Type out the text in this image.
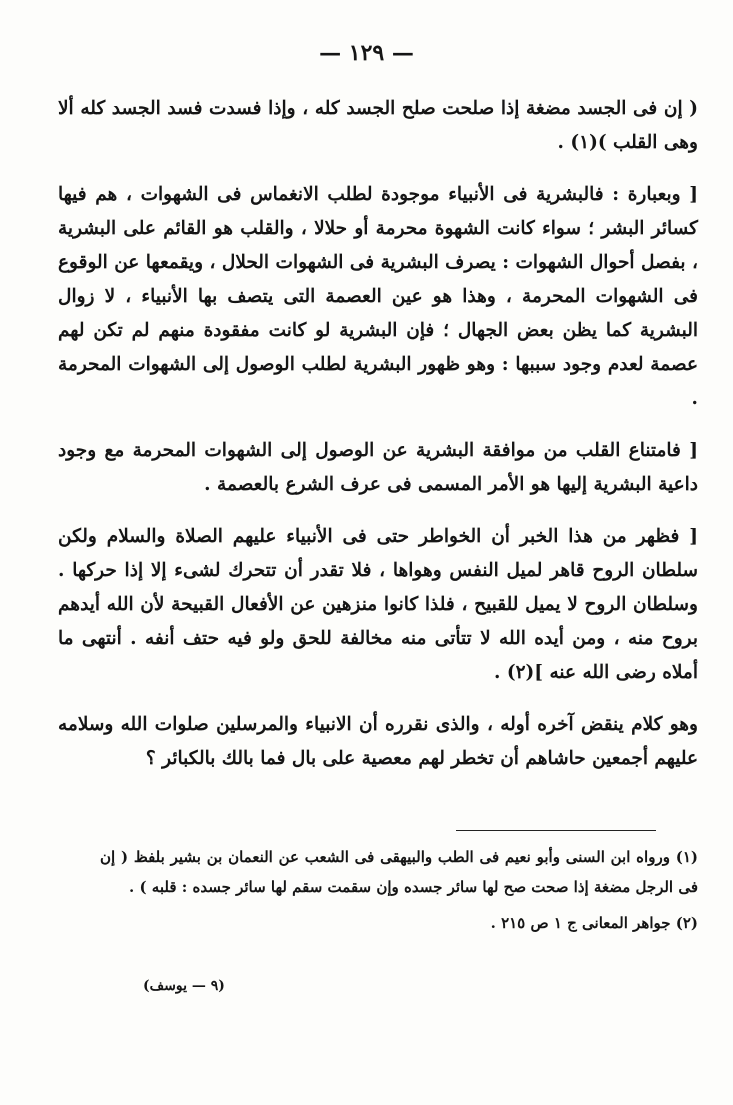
— ١٢٩ —

( إن فى الجسد مضغة إذا صلحت صلح الجسد كله ، وإذا فسدت فسد الجسد كله ألا وهى القلب )(١) .

[ وبعبارة : فالبشرية فى الأنبياء موجودة لطلب الانغماس فى الشهوات ، هم فيها كسائر البشر ؛ سواء كانت الشهوة محرمة أو حلالا ، والقلب هو القائم على البشرية ، بفصل أحوال الشهوات : يصرف البشرية فى الشهوات الحلال ، ويقمعها عن الوقوع فى الشهوات المحرمة ، وهذا هو عين العصمة التى يتصف بها الأنبياء ، لا زوال البشرية كما يظن بعض الجهال ؛ فإن البشرية لو كانت مفقودة منهم لم تكن لهم عصمة لعدم وجود سببها : وهو ظهور البشرية لطلب الوصول إلى الشهوات المحرمة .

[ فامتناع القلب من موافقة البشرية عن الوصول إلى الشهوات المحرمة مع وجود داعية البشرية إليها هو الأمر المسمى فى عرف الشرع بالعصمة .

[ فظهر من هذا الخبر أن الخواطر حتى فى الأنبياء عليهم الصلاة والسلام ولكن سلطان الروح قاهر لميل النفس وهواها ، فلا تقدر أن تتحرك لشىء إلا إذا حركها . وسلطان الروح لا يميل للقبيح ، فلذا كانوا منزهين عن الأفعال القبيحة لأن الله أيدهم بروح منه ، ومن أيده الله لا تتأتى منه مخالفة للحق ولو فيه حتف أنفه . أنتهى ما أملاه رضى الله عنه ](٢) .

وهو كلام ينقض آخره أوله ، والذى نقرره أن الانبياء والمرسلين صلوات الله وسلامه عليهم أجمعين حاشاهم أن تخطر لهم معصية على بال فما بالك بالكبائر ؟

(١) ورواه ابن السنى وأبو نعيم فى الطب والبيهقى فى الشعب عن النعمان بن بشير بلفظ ( إن فى الرجل مضغة إذا صحت صح لها سائر جسده وإن سقمت سقم لها سائر جسده : قلبه ) .

(٢) جواهر المعانى ج ١ ص ٢١٥ .

(٩ — يوسف)
